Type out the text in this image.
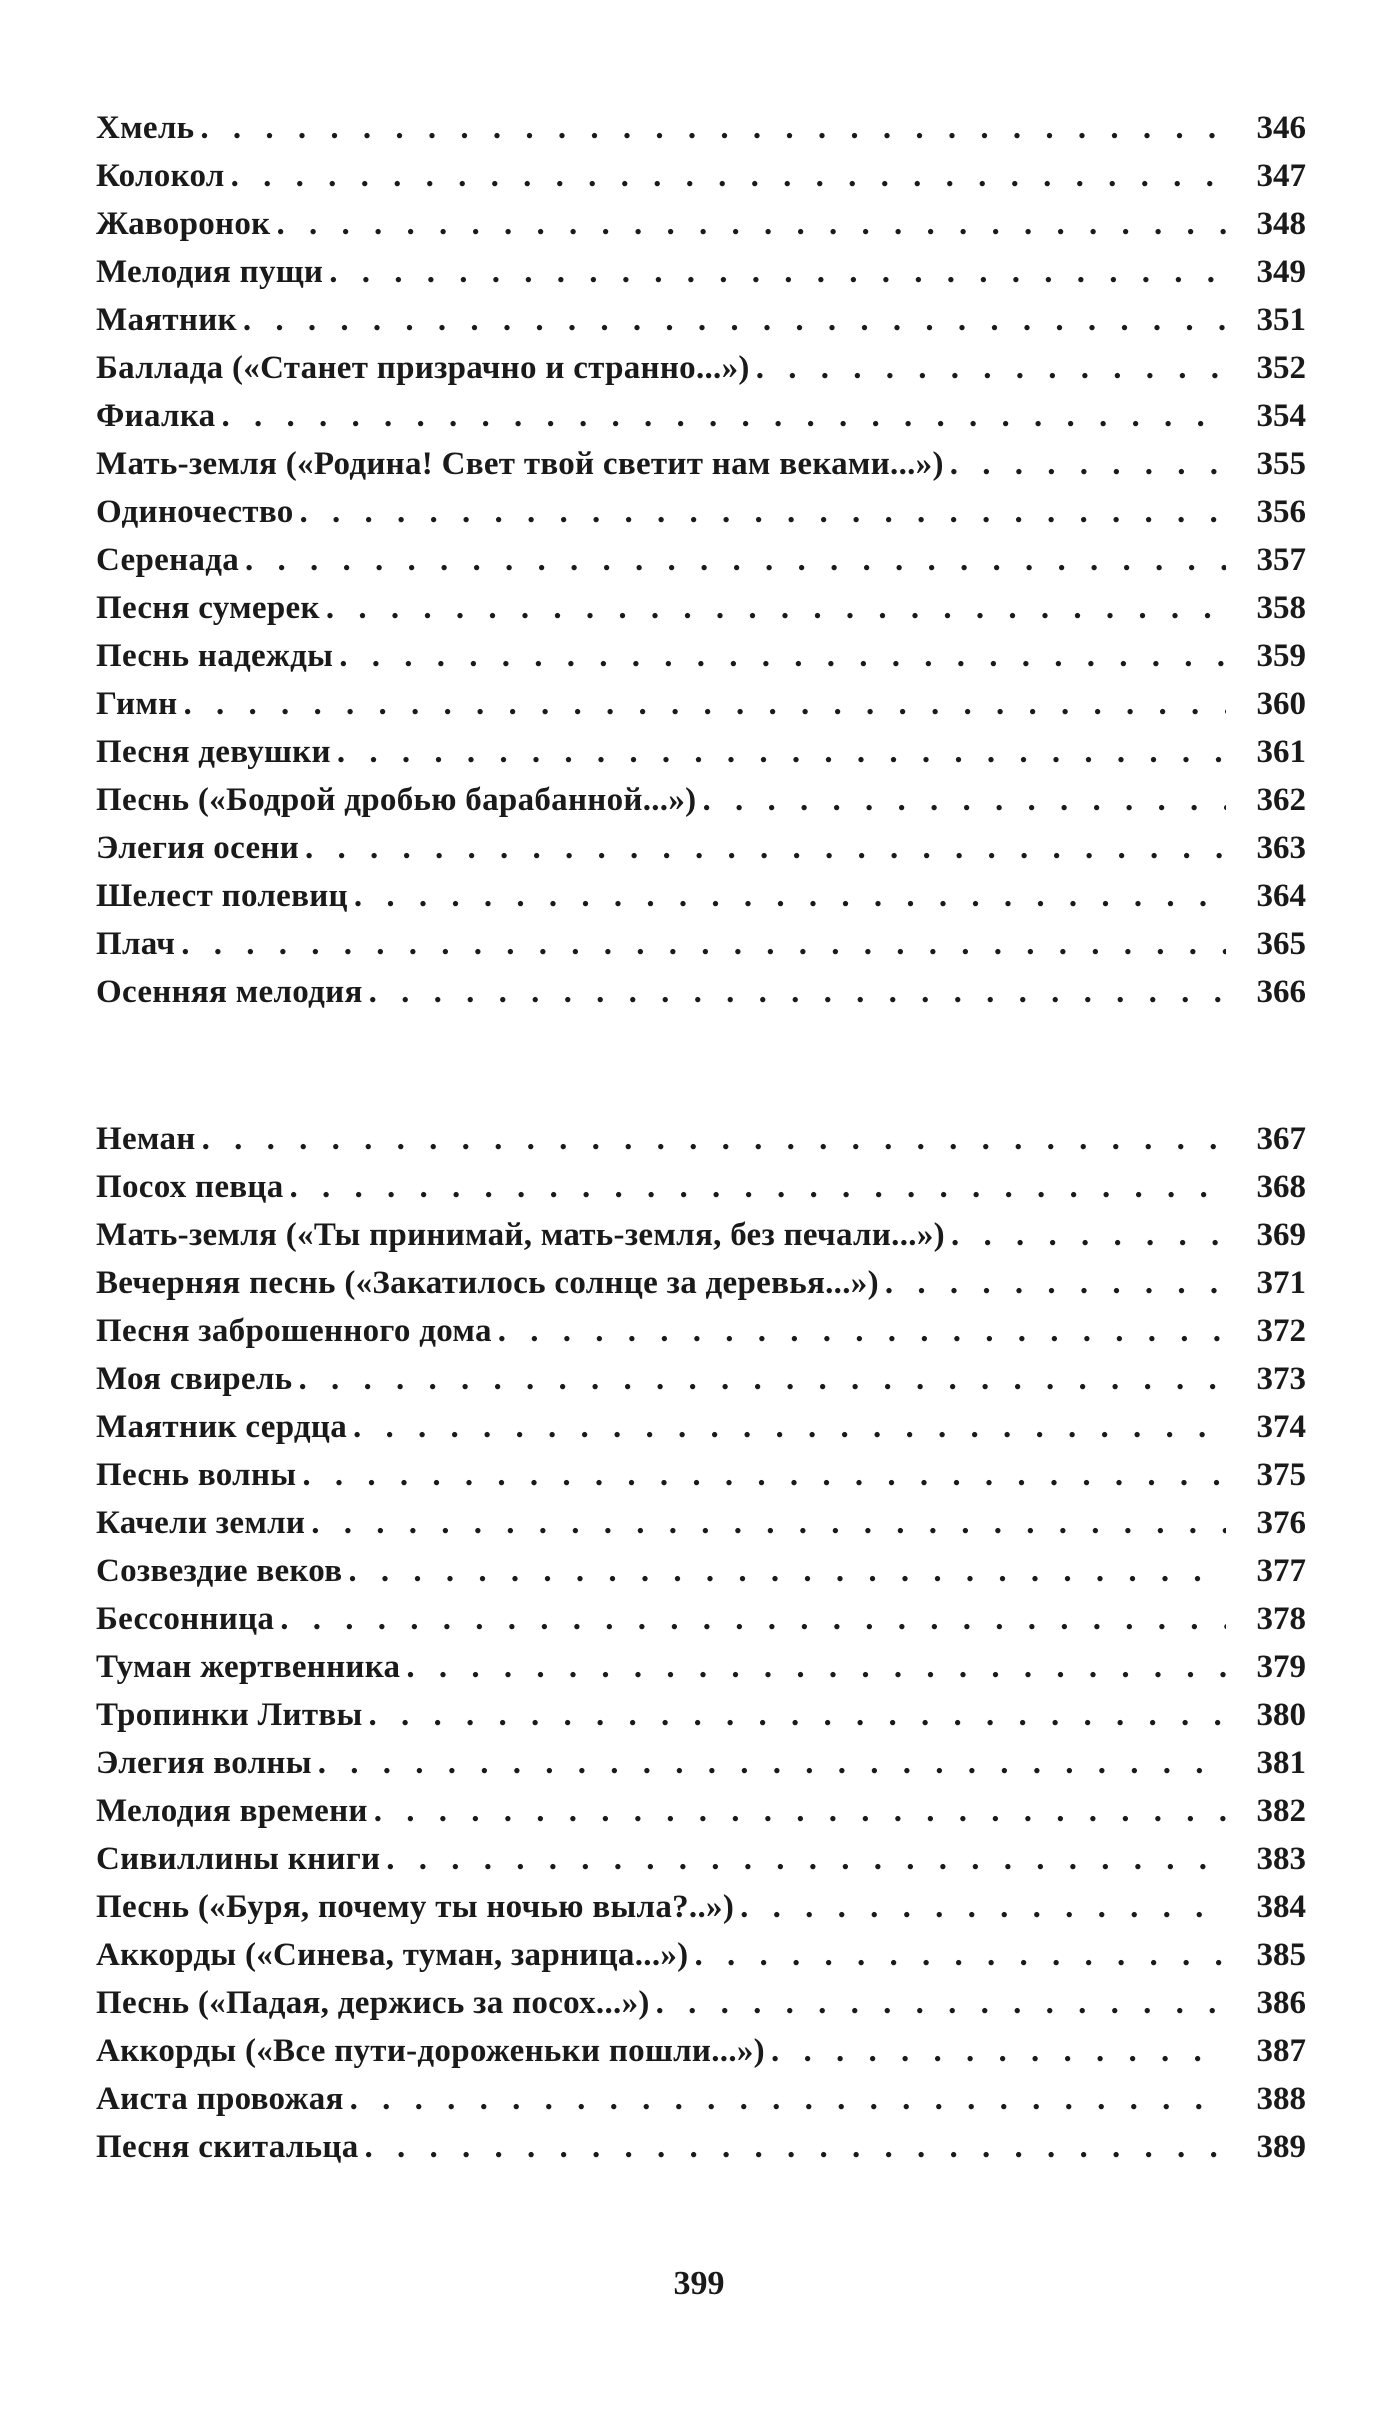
Хмель . . .	346
Колокол . . .	347
Жаворонок . . .	348
Мелодия пущи . . .	349
Маятник . . .	351
Баллада («Станет призрачно и странно...») . . .	352
Фиалка . . .	354
Мать-земля («Родина! Свет твой светит нам веками...») . . .	355
Одиночество . . .	356
Серенада . . .	357
Песня сумерек . . .	358
Песнь надежды . . .	359
Гимн . . .	360
Песня девушки . . .	361
Песнь («Бодрой дробью барабанной...») . . .	362
Элегия осени . . .	363
Шелест полевиц . . .	364
Плач . . .	365
Осенняя мелодия . . .	366
Неман . . .	367
Посох певца . . .	368
Мать-земля («Ты принимай, мать-земля, без печали...») . . .	369
Вечерняя песнь («Закатилось солнце за деревья...») . . .	371
Песня заброшенного дома . . .	372
Моя свирель . . .	373
Маятник сердца . . .	374
Песнь волны . . .	375
Качели земли . . .	376
Созвездие веков . . .	377
Бессонница . . .	378
Туман жертвенника . . .	379
Тропинки Литвы . . .	380
Элегия волны . . .	381
Мелодия времени . . .	382
Сивиллины книги . . .	383
Песнь («Буря, почему ты ночью выла?..») . . .	384
Аккорды («Синева, туман, зарница...») . . .	385
Песнь («Падая, держись за посох...») . . .	386
Аккорды («Все пути-дороженьки пошли...») . . .	387
Аиста провожая . . .	388
Песня скитальца . . .	389
399
